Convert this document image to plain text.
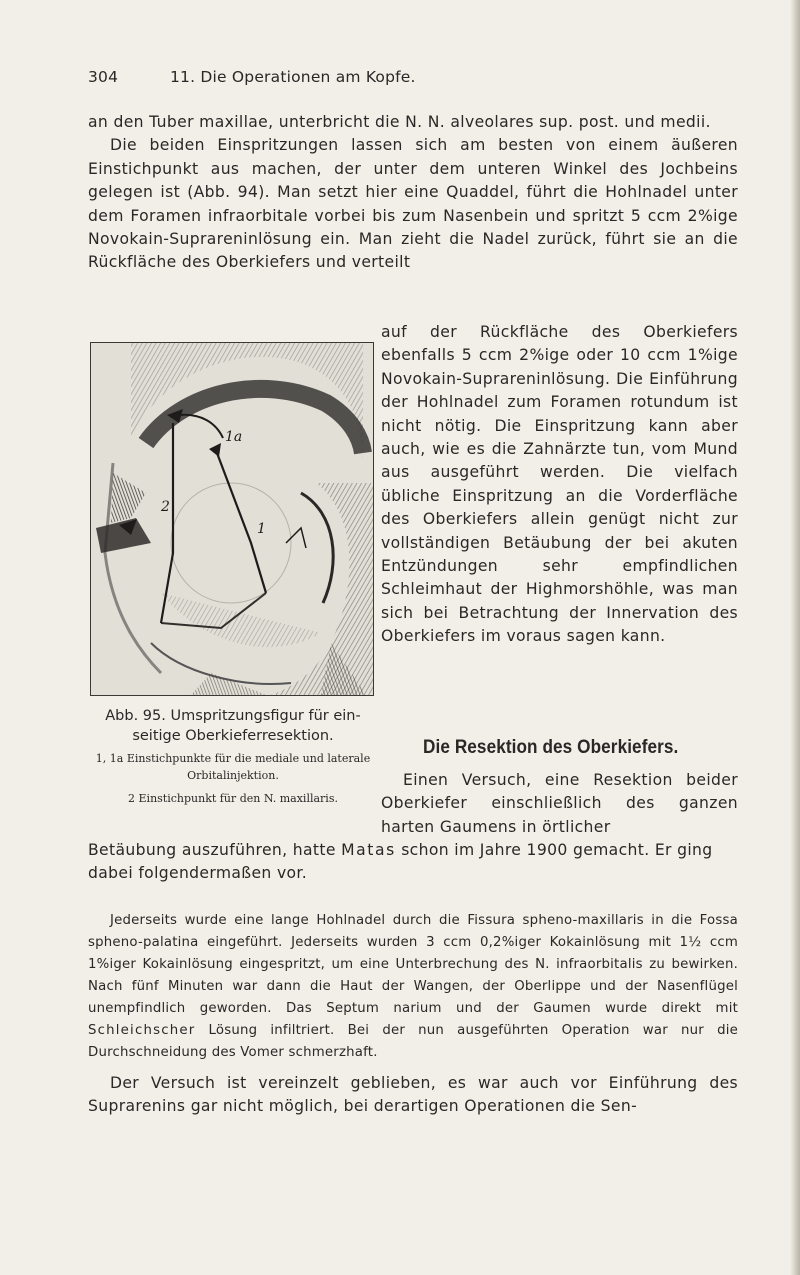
304	11. Die Operationen am Kopfe.

an den Tuber maxillae, unterbricht die N. N. alveolares sup. post. und medii.

Die beiden Einspritzungen lassen sich am besten von einem äußeren Einstichpunkt aus machen, der unter dem unteren Winkel des Jochbeins gelegen ist (Abb. 94). Man setzt hier eine Quaddel, führt die Hohlnadel unter dem Foramen infraorbitale vorbei bis zum Nasenbein und spritzt 5 ccm 2%ige Novokain-Suprareninlösung ein. Man zieht die Nadel zurück, führt sie an die Rückfläche des Oberkiefers und verteilt

auf der Rückfläche des Oberkiefers ebenfalls 5 ccm 2%ige oder 10 ccm 1%ige Novokain-Suprareninlösung. Die Einführung der Hohlnadel zum Foramen rotundum ist nicht nötig. Die Einspritzung kann aber auch, wie es die Zahnärzte tun, vom Mund aus ausgeführt werden. Die vielfach übliche Einspritzung an die Vorderfläche des Oberkiefers allein genügt nicht zur vollständigen Betäubung der bei akuten Entzündungen sehr empfindlichen Schleimhaut der Highmorshöhle, was man sich bei Betrachtung der Innervation des Oberkiefers im voraus sagen kann.
1a
1
2
Abb. 95. Umspritzungsfigur für einseitige Oberkieferresektion.
1, 1a Einstichpunkte für die mediale und laterale Orbitalinjektion.
2 Einstichpunkt für den N. maxillaris.
Die Resektion des Oberkiefers.
Einen Versuch, eine Resektion beider Oberkiefer einschließlich des ganzen harten Gaumens in örtlicher

Betäubung auszuführen, hatte Matas schon im Jahre 1900 gemacht. Er ging dabei folgendermaßen vor.

Jederseits wurde eine lange Hohlnadel durch die Fissura spheno-maxillaris in die Fossa spheno-palatina eingeführt. Jederseits wurden 3 ccm 0,2%iger Kokainlösung mit 1½ ccm 1%iger Kokainlösung eingespritzt, um eine Unterbrechung des N. infraorbitalis zu bewirken. Nach fünf Minuten war dann die Haut der Wangen, der Oberlippe und der Nasenflügel unempfindlich geworden. Das Septum narium und der Gaumen wurde direkt mit Schleichscher Lösung infiltriert. Bei der nun ausgeführten Operation war nur die Durchschneidung des Vomer schmerzhaft.

Der Versuch ist vereinzelt geblieben, es war auch vor Einführung des Suprarenins gar nicht möglich, bei derartigen Operationen die Sen-
